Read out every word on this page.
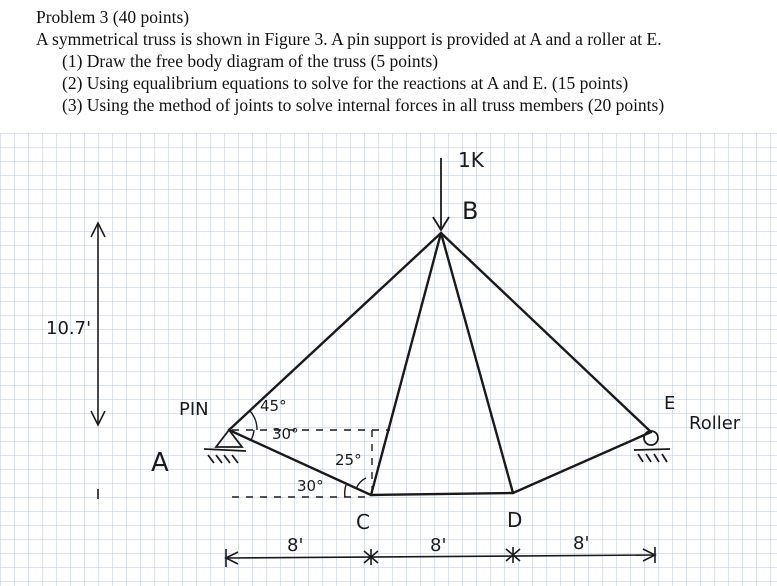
Problem 3 (40 points)
A symmetrical truss is shown in Figure 3. A pin support is provided at A and a roller at E.
(1) Draw the free body diagram of the truss (5 points)
(2) Using equalibrium equations to solve for the reactions at A and E. (15 points)
(3) Using the method of joints to solve internal forces in all truss members (20 points)
1K
B
A
C	D
E
PIN
Roller
45°
30°
30°
25°
10.7'
8'	8'	8'
